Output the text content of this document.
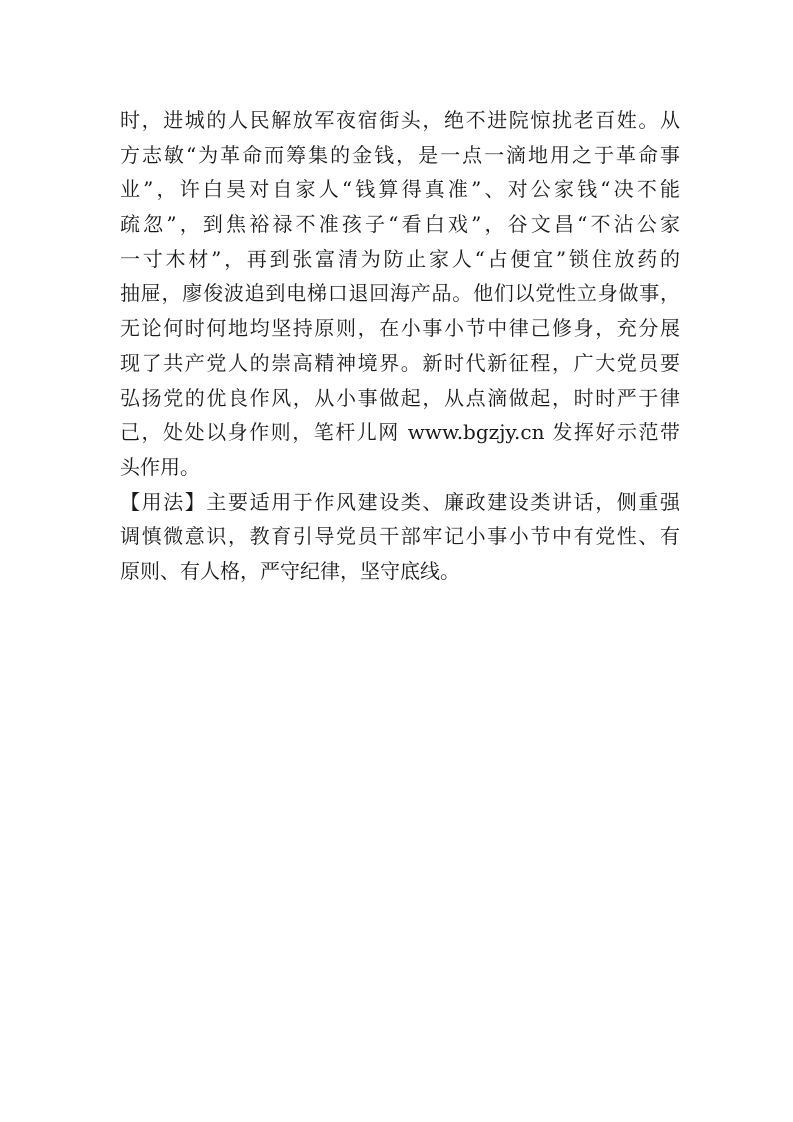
时，进城的人民解放军夜宿街头，绝不进院惊扰老百姓。从
方志敏“为革命而筹集的金钱，是一点一滴地用之于革命事
业”，许白昊对自家人“钱算得真准”、对公家钱“决不能
疏忽”，到焦裕禄不准孩子“看白戏”，谷文昌“不沾公家
一寸木材”，再到张富清为防止家人“占便宜”锁住放药的
抽屉，廖俊波追到电梯口退回海产品。他们以党性立身做事，
无论何时何地均坚持原则，在小事小节中律己修身，充分展
现了共产党人的崇高精神境界。新时代新征程，广大党员要
弘扬党的优良作风，从小事做起，从点滴做起，时时严于律
己，处处以身作则，笔杆儿网 www.bgzjy.cn 发挥好示范带
头作用。
【用法】主要适用于作风建设类、廉政建设类讲话，侧重强
调慎微意识，教育引导党员干部牢记小事小节中有党性、有
原则、有人格，严守纪律，坚守底线。
